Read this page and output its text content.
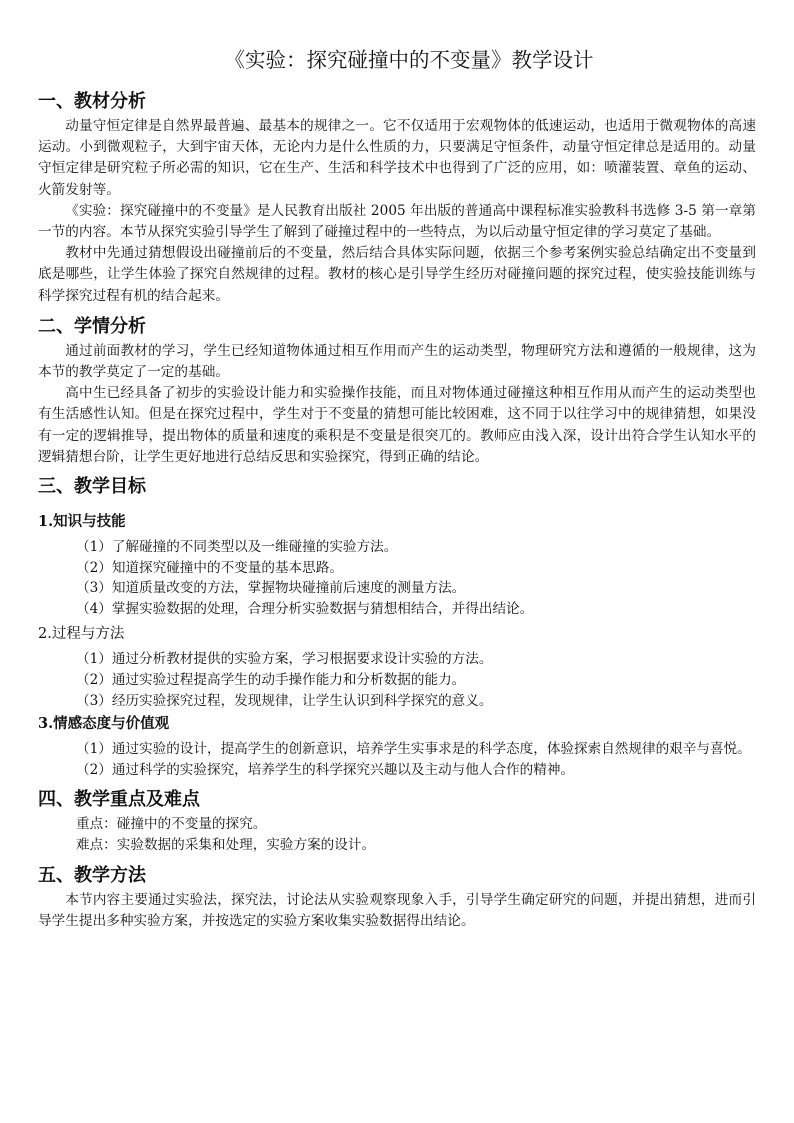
《实验：探究碰撞中的不变量》教学设计
一、教材分析

动量守恒定律是自然界最普遍、最基本的规律之一。它不仅适用于宏观物体的低速运动，也适用于微观物体的高速运动。小到微观粒子，大到宇宙天体，无论内力是什么性质的力，只要满足守恒条件，动量守恒定律总是适用的。动量守恒定律是研究粒子所必需的知识，它在生产、生活和科学技术中也得到了广泛的应用，如：喷灌装置、章鱼的运动、火箭发射等。

《实验：探究碰撞中的不变量》是人民教育出版社 2005 年出版的普通高中课程标准实验教科书选修 3-5 第一章第一节的内容。本节从探究实验引导学生了解到了碰撞过程中的一些特点，为以后动量守恒定律的学习莫定了基础。

教材中先通过猜想假设出碰撞前后的不变量，然后结合具体实际问题，依据三个参考案例实验总结确定出不变量到底是哪些，让学生体验了探究自然规律的过程。教材的核心是引导学生经历对碰撞问题的探究过程，使实验技能训练与科学探究过程有机的结合起来。

二、学情分析

通过前面教材的学习，学生已经知道物体通过相互作用而产生的运动类型，物理研究方法和遵循的一般规律，这为本节的教学莫定了一定的基础。

高中生已经具备了初步的实验设计能力和实验操作技能，而且对物体通过碰撞这种相互作用从而产生的运动类型也有生活感性认知。但是在探究过程中，学生对于不变量的猜想可能比较困难，这不同于以往学习中的规律猜想，如果没有一定的逻辑推导，提出物体的质量和速度的乘积是不变量是很突兀的。教师应由浅入深，设计出符合学生认知水平的逻辑猜想台阶，让学生更好地进行总结反思和实验探究，得到正确的结论。

三、教学目标
1.知识与技能

（1）了解碰撞的不同类型以及一维碰撞的实验方法。

（2）知道探究碰撞中的不变量的基本思路。

（3）知道质量改变的方法，掌握物块碰撞前后速度的测量方法。

（4）掌握实验数据的处理，合理分析实验数据与猜想相结合，并得出结论。

2.过程与方法

（1）通过分析教材提供的实验方案，学习根据要求设计实验的方法。

（2）通过实验过程提高学生的动手操作能力和分析数据的能力。

（3）经历实验探究过程，发现规律，让学生认识到科学探究的意义。

3.情感态度与价值观

（1）通过实验的设计，提高学生的创新意识，培养学生实事求是的科学态度，体验探索自然规律的艰辛与喜悦。

（2）通过科学的实验探究，培养学生的科学探究兴趣以及主动与他人合作的精神。

四、教学重点及难点

重点：碰撞中的不变量的探究。

难点：实验数据的采集和处理，实验方案的设计。

五、教学方法

本节内容主要通过实验法，探究法，讨论法从实验观察现象入手，引导学生确定研究的问题，并提出猜想，进而引导学生提出多种实验方案，并按选定的实验方案收集实验数据得出结论。
